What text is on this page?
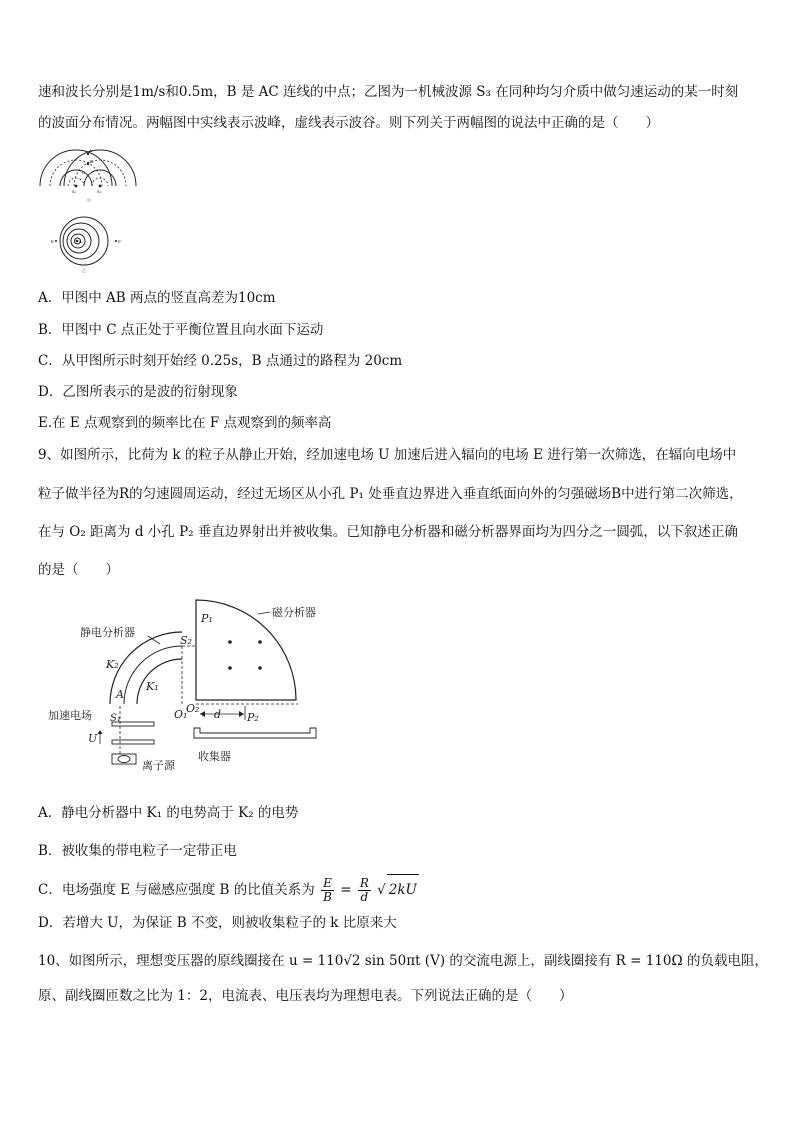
速和波长分别是1m/s和0.5m，B 是 AC 连线的中点；乙图为一机械波源 S₃ 在同种均匀介质中做匀速运动的某一时刻
的波面分布情况。两幅图中实线表示波峰，虚线表示波谷。则下列关于两幅图的说法中正确的是（　　）
A
B
C
S₁	S₂
甲
E	F
S₃
乙
A．甲图中 AB 两点的竖直高差为10cm
B．甲图中 C 点正处于平衡位置且向水面下运动
C．从甲图所示时刻开始经 0.25s，B 点通过的路程为 20cm
D．乙图所表示的是波的衍射现象
E.在 E 点观察到的频率比在 F 点观察到的频率高
9、如图所示，比荷为 k 的粒子从静止开始，经加速电场 U 加速后进入辐向的电场 E 进行第一次筛选，在辐向电场中
粒子做半径为R的匀速圆周运动，经过无场区从小孔 P₁ 处垂直边界进入垂直纸面向外的匀强磁场B中进行第二次筛选，
在与 O₂ 距离为 d 小孔 P₂ 垂直边界射出并被收集。已知静电分析器和磁分析器界面均为四分之一圆弧，以下叙述正确
的是（　　）
磁分析器
P₁
O₂ d P₂
静电分析器
S₂
K₂
K₁
A
O₁
S₁
加速电场
U
离子源
收集器
A．静电分析器中 K₁ 的电势高于 K₂ 的电势
B．被收集的带电粒子一定带正电
C．电场强度 E 与磁感应强度 B 的比值关系为 $\frac{E}{B} = \frac{R}{d}$ √ 2kU
D．若增大 U，为保证 B 不变，则被收集粒子的 k 比原来大
10、如图所示，理想变压器的原线圈接在 u = 110√2 sin 50πt (V) 的交流电源上，副线圈接有 R = 110Ω 的负载电阻，
原、副线圈匝数之比为 1：2，电流表、电压表均为理想电表。下列说法正确的是（　　）
